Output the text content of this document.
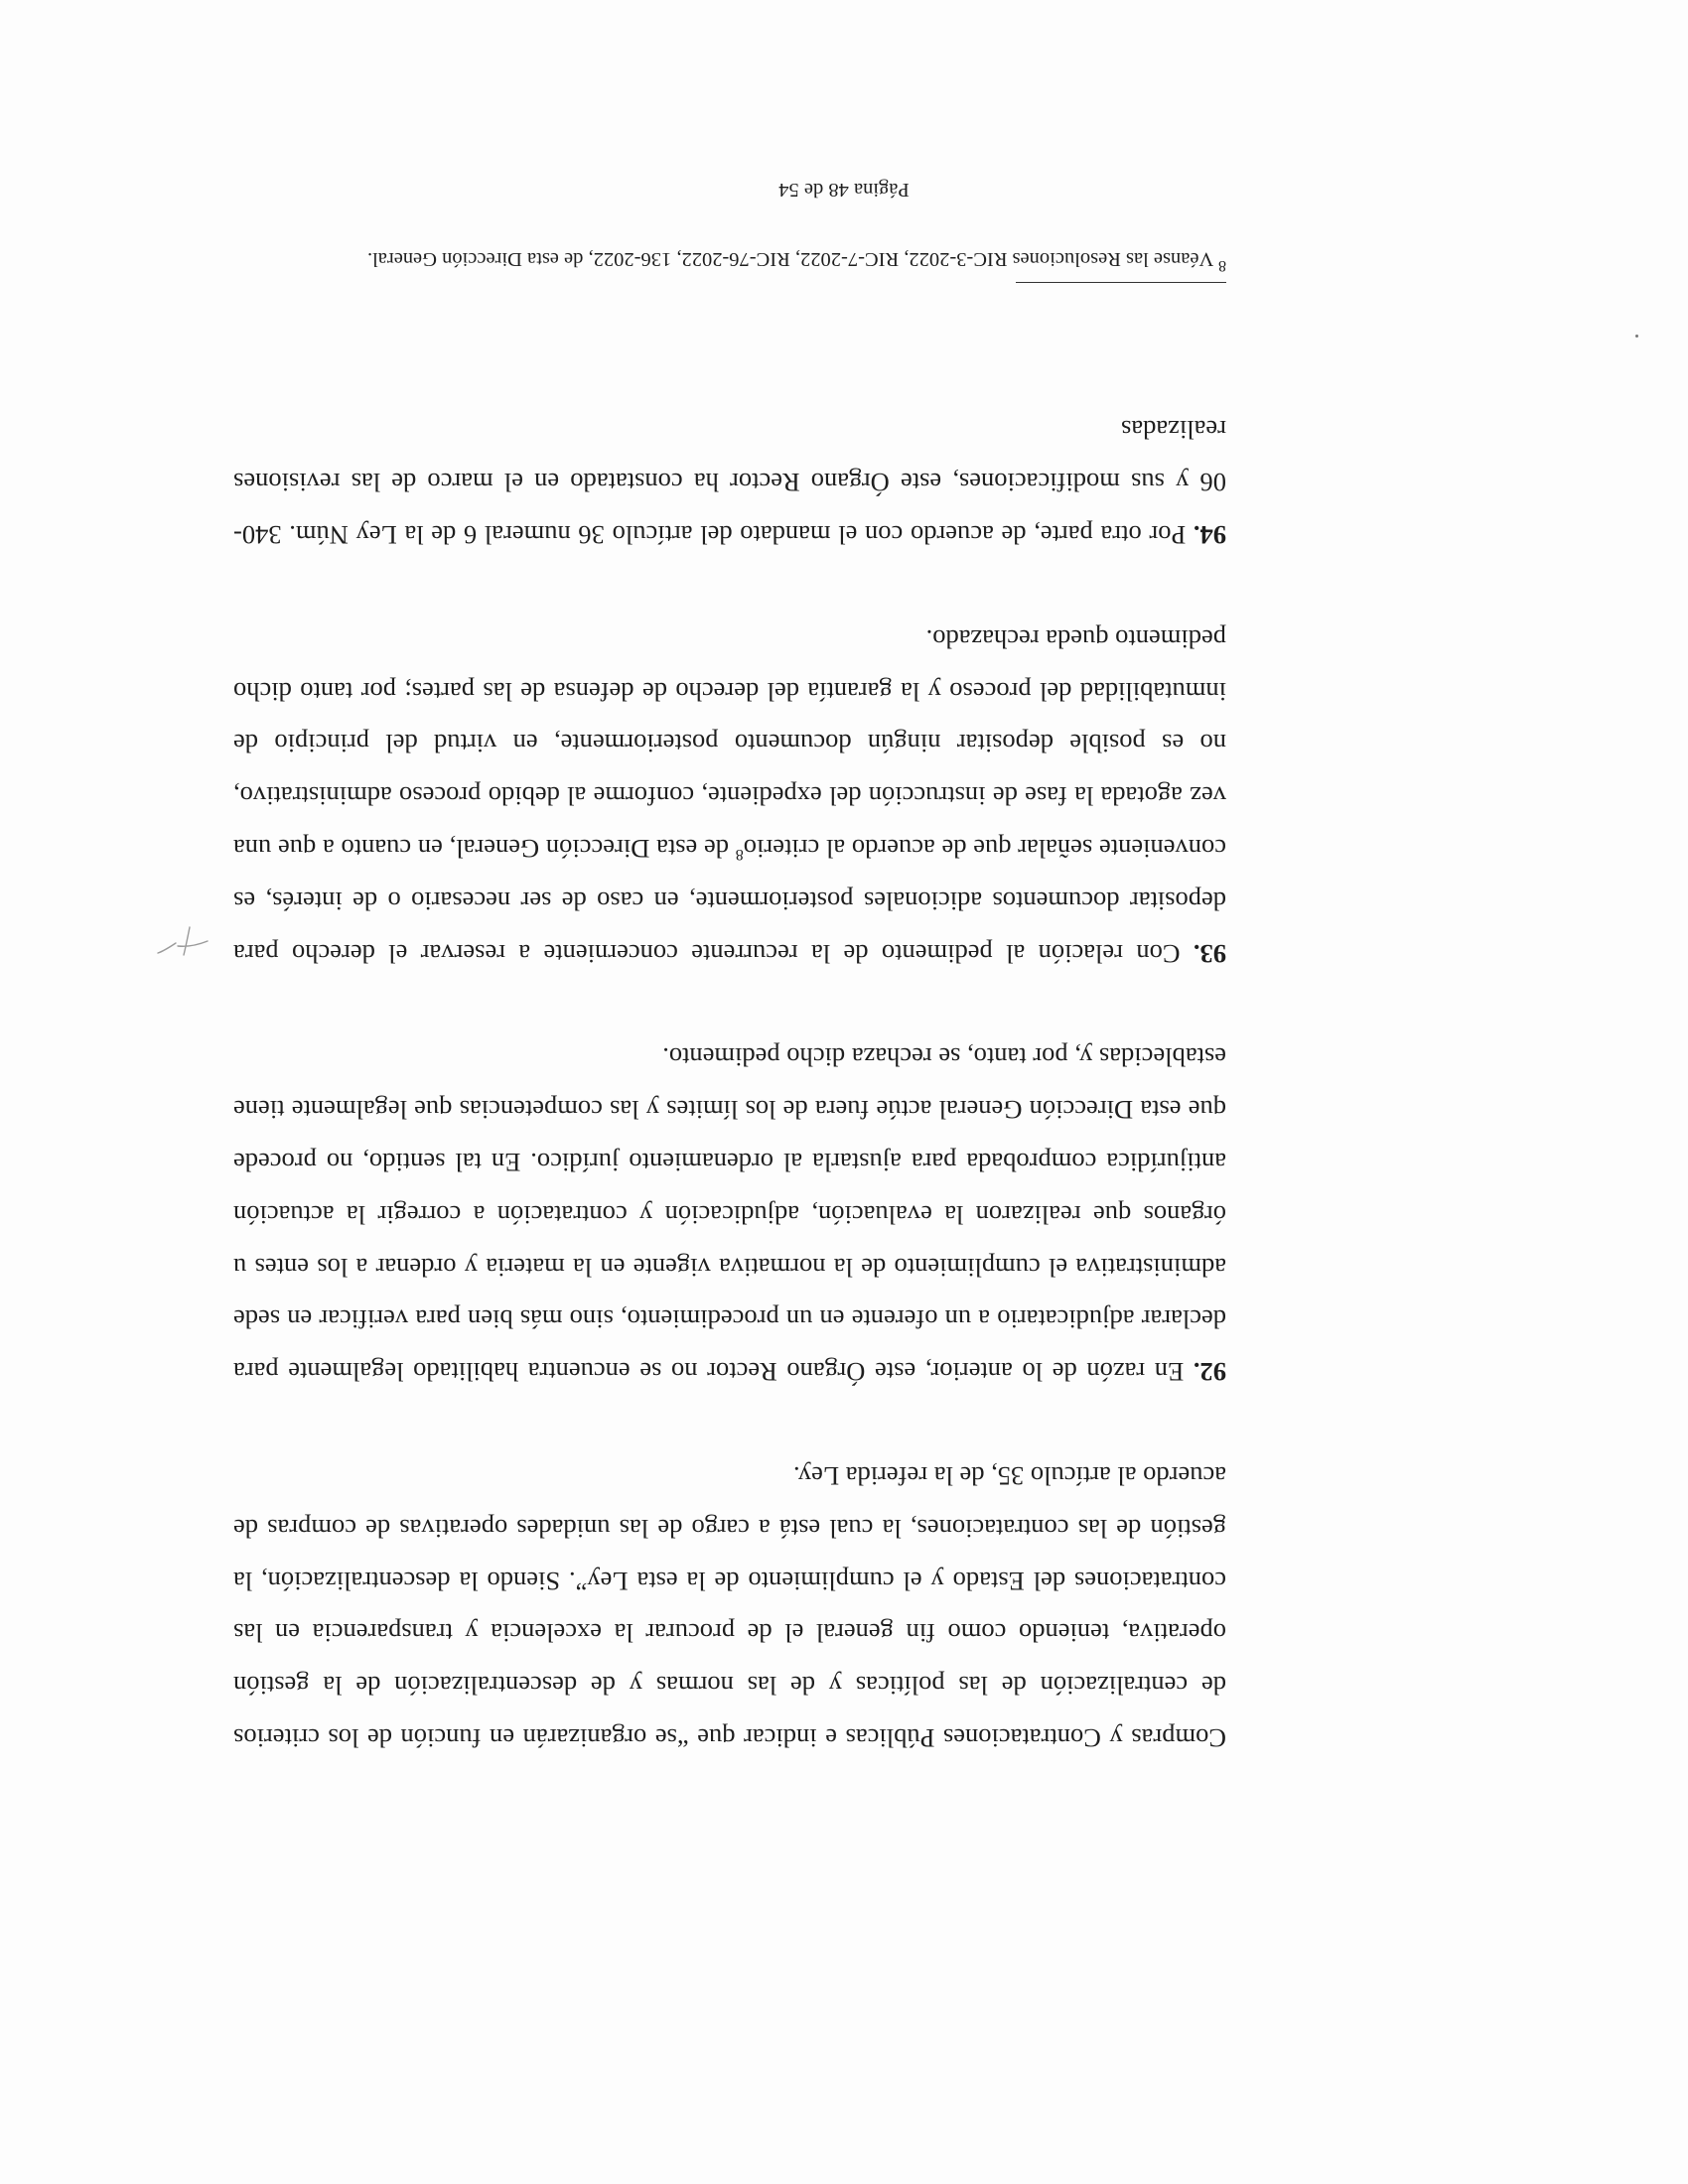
Compras y Contrataciones Públicas e indicar que “se organizarán en función de los criterios de centralización de las políticas y de las normas y de descentralización de la gestión operativa, teniendo como fin general el de procurar la excelencia y transparencia en las contrataciones del Estado y el cumplimiento de la esta Ley”. Siendo la descentralización, la gestión de las contrataciones, la cual está a cargo de las unidades operativas de compras de acuerdo al artículo 35, de la referida Ley.

92. En razón de lo anterior, este Órgano Rector no se encuentra habilitado legalmente para declarar adjudicatario a un oferente en un procedimiento, sino más bien para verificar en sede administrativa el cumplimiento de la normativa vigente en la materia y ordenar a los entes u órganos que realizaron la evaluación, adjudicación y contratación a corregir la actuación antijurídica comprobada para ajustarla al ordenamiento jurídico. En tal sentido, no procede que esta Dirección General actúe fuera de los límites y las competencias que legalmente tiene establecidas y, por tanto, se rechaza dicho pedimento.

93. Con relación al pedimento de la recurrente concerniente a reservar el derecho para depositar documentos adicionales posteriormente, en caso de ser necesario o de interés, es conveniente señalar que de acuerdo al criterio$^8$ de esta Dirección General, en cuanto a que una vez agotada la fase de instrucción del expediente, conforme al debido proceso administrativo, no es posible depositar ningún documento posteriormente, en virtud del principio de inmutabilidad del proceso y la garantía del derecho de defensa de las partes; por tanto dicho pedimento queda rechazado.

94. Por otra parte, de acuerdo con el mandato del artículo 36 numeral 6 de la Ley Núm. 340-06 y sus modificaciones, este Órgano Rector ha constatado en el marco de las revisiones realizadas

$^8$ Véanse las Resoluciones RIC-3-2022, RIC-7-2022, RIC-76-2022, 136-2022, de esta Dirección General.
Página 48 de 54
